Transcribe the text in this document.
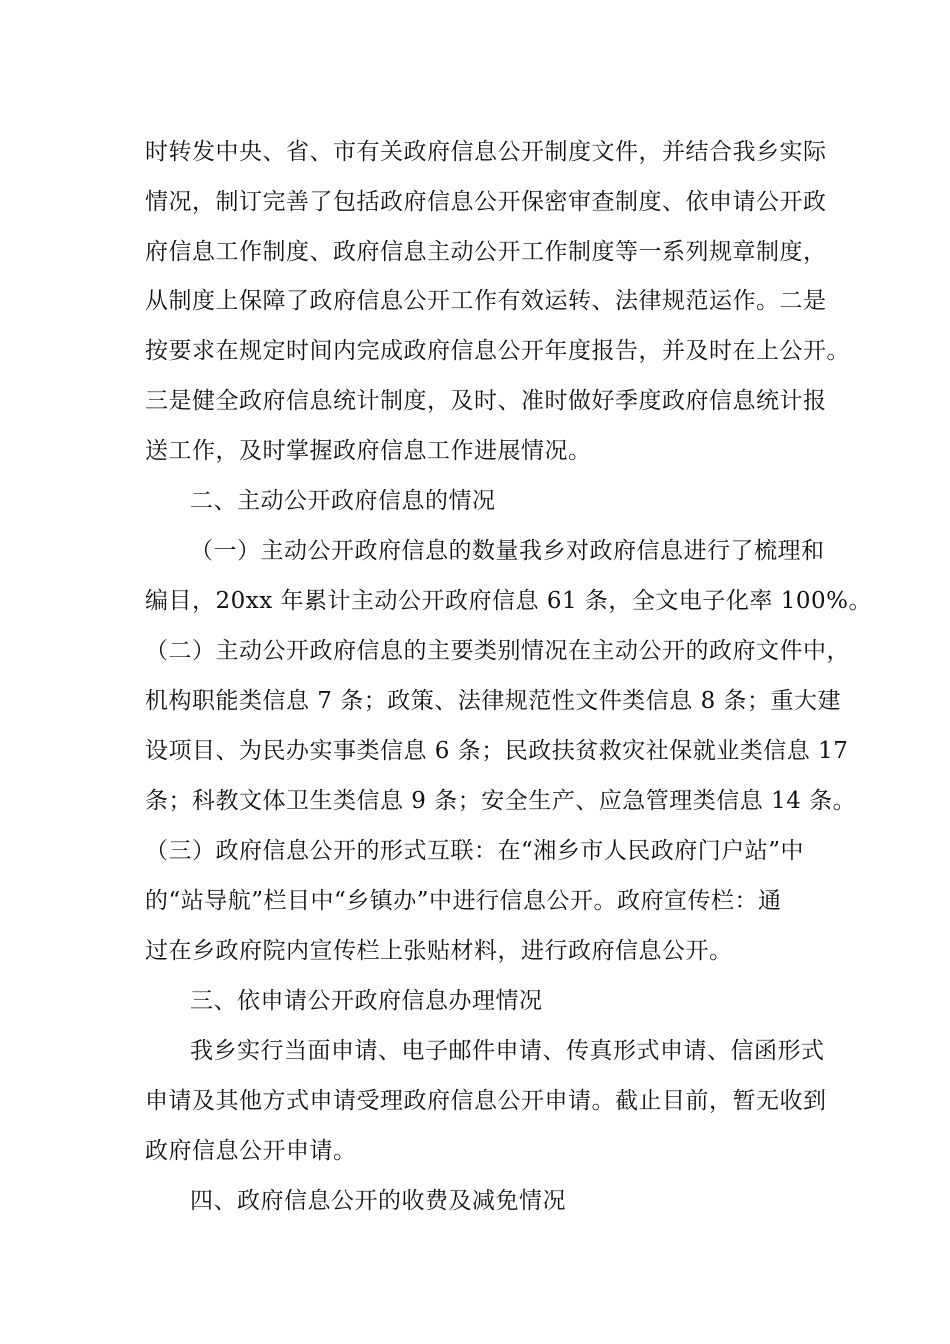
时转发中央、省、市有关政府信息公开制度文件，并结合我乡实际
情况，制订完善了包括政府信息公开保密审查制度、依申请公开政
府信息工作制度、政府信息主动公开工作制度等一系列规章制度，
从制度上保障了政府信息公开工作有效运转、法律规范运作。二是
按要求在规定时间内完成政府信息公开年度报告，并及时在上公开。
三是健全政府信息统计制度，及时、准时做好季度政府信息统计报
送工作，及时掌握政府信息工作进展情况。
二、主动公开政府信息的情况
（一）主动公开政府信息的数量我乡对政府信息进行了梳理和
编目，20xx 年累计主动公开政府信息 61 条，全文电子化率 100%。
（二）主动公开政府信息的主要类别情况在主动公开的政府文件中，
机构职能类信息 7 条；政策、法律规范性文件类信息 8 条；重大建
设项目、为民办实事类信息 6 条；民政扶贫救灾社保就业类信息 17
条；科教文体卫生类信息 9 条；安全生产、应急管理类信息 14 条。
（三）政府信息公开的形式互联：在“湘乡市人民政府门户站”中
的“站导航”栏目中“乡镇办”中进行信息公开。政府宣传栏：通
过在乡政府院内宣传栏上张贴材料，进行政府信息公开。
三、依申请公开政府信息办理情况
我乡实行当面申请、电子邮件申请、传真形式申请、信函形式
申请及其他方式申请受理政府信息公开申请。截止目前，暂无收到
政府信息公开申请。
四、政府信息公开的收费及减免情况
